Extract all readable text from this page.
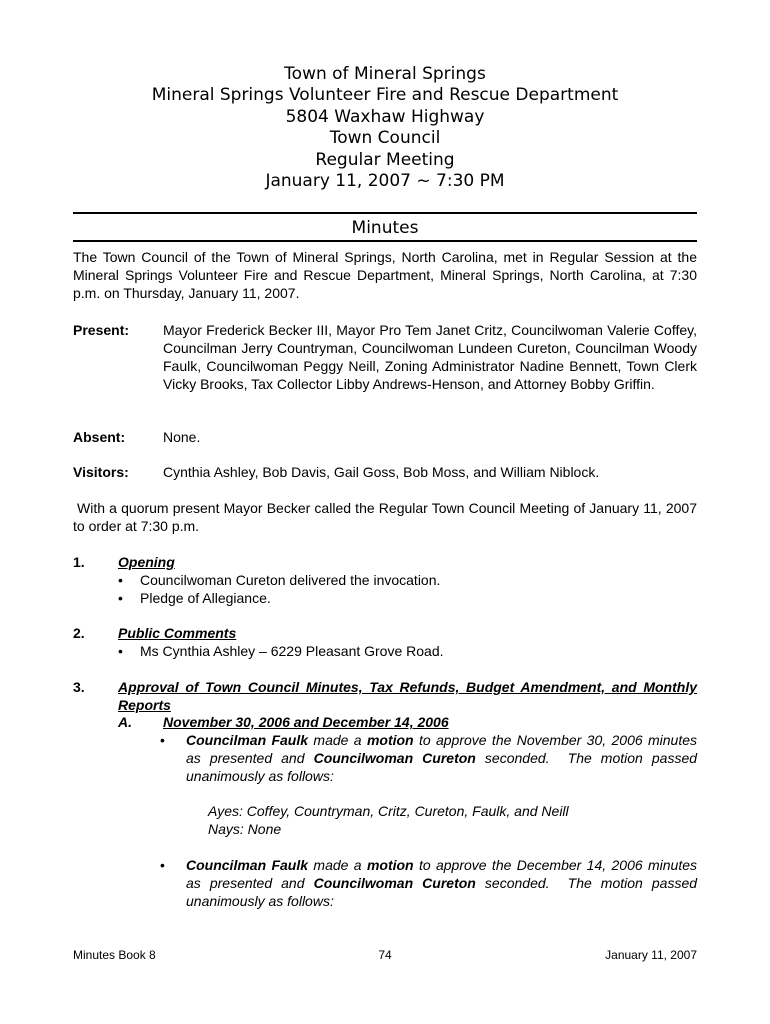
Town of Mineral Springs
Mineral Springs Volunteer Fire and Rescue Department
5804 Waxhaw Highway
Town Council
Regular Meeting
January 11, 2007 ~ 7:30 PM
Minutes
The Town Council of the Town of Mineral Springs, North Carolina, met in Regular Session at the Mineral Springs Volunteer Fire and Rescue Department, Mineral Springs, North Carolina, at 7:30 p.m. on Thursday, January 11, 2007.
Present: Mayor Frederick Becker III, Mayor Pro Tem Janet Critz, Councilwoman Valerie Coffey, Councilman Jerry Countryman, Councilwoman Lundeen Cureton, Councilman Woody Faulk, Councilwoman Peggy Neill, Zoning Administrator Nadine Bennett, Town Clerk Vicky Brooks, Tax Collector Libby Andrews-Henson, and Attorney Bobby Griffin.
Absent:	None.
Visitors: Cynthia Ashley, Bob Davis, Gail Goss, Bob Moss, and William Niblock.
With a quorum present Mayor Becker called the Regular Town Council Meeting of January 11, 2007 to order at 7:30 p.m.
1. Opening
•	Councilwoman Cureton delivered the invocation.
•	Pledge of Allegiance.
2. Public Comments
•	Ms Cynthia Ashley – 6229 Pleasant Grove Road.
3. Approval of Town Council Minutes, Tax Refunds, Budget Amendment, and Monthly Reports
A. November 30, 2006 and December 14, 2006
•	Councilman Faulk made a motion to approve the November 30, 2006 minutes as presented and Councilwoman Cureton seconded. The motion passed unanimously as follows:
Ayes: Coffey, Countryman, Critz, Cureton, Faulk, and Neill
Nays: None
•	Councilman Faulk made a motion to approve the December 14, 2006 minutes as presented and Councilwoman Cureton seconded. The motion passed unanimously as follows:
Minutes Book 8	74	January 11, 2007
